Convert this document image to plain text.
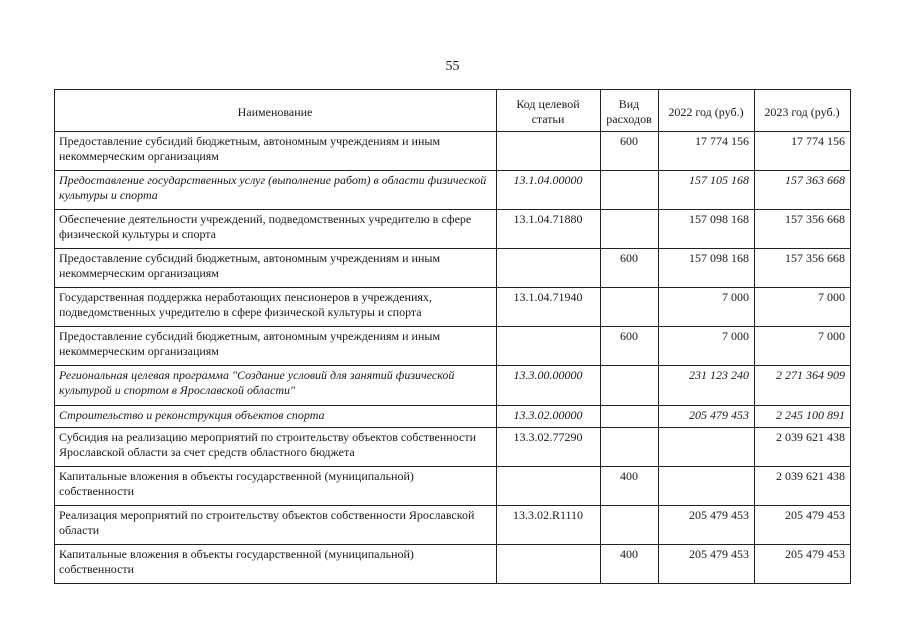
55
Наименование	Код целевой статьи	Вид расходов	2022 год (руб.)	2023 год (руб.)
Предоставление субсидий бюджетным, автономным учреждениям и иным некоммерческим организациям		600	17 774 156	17 774 156
Предоставление государственных услуг (выполнение работ) в области физической культуры и спорта	13.1.04.00000		157 105 168	157 363 668
Обеспечение деятельности учреждений, подведомственных учредителю в сфере физической культуры и спорта	13.1.04.71880		157 098 168	157 356 668
Предоставление субсидий бюджетным, автономным учреждениям и иным некоммерческим организациям		600	157 098 168	157 356 668
Государственная поддержка неработающих пенсионеров в учреждениях, подведомственных учредителю в сфере физической культуры и спорта	13.1.04.71940		7 000	7 000
Предоставление субсидий бюджетным, автономным учреждениям и иным некоммерческим организациям		600	7 000	7 000
Региональная целевая программа "Создание условий для занятий физической культурой и спортом в Ярославской области"	13.3.00.00000		231 123 240	2 271 364 909
Строительство и реконструкция объектов спорта	13.3.02.00000		205 479 453	2 245 100 891
Субсидия на реализацию мероприятий по строительству объектов собственности Ярославской области за счет средств областного бюджета	13.3.02.77290			2 039 621 438
Капитальные вложения в объекты государственной (муниципальной) собственности		400		2 039 621 438
Реализация мероприятий по строительству объектов собственности Ярославской области	13.3.02.R1110		205 479 453	205 479 453
Капитальные вложения в объекты государственной (муниципальной) собственности		400	205 479 453	205 479 453
